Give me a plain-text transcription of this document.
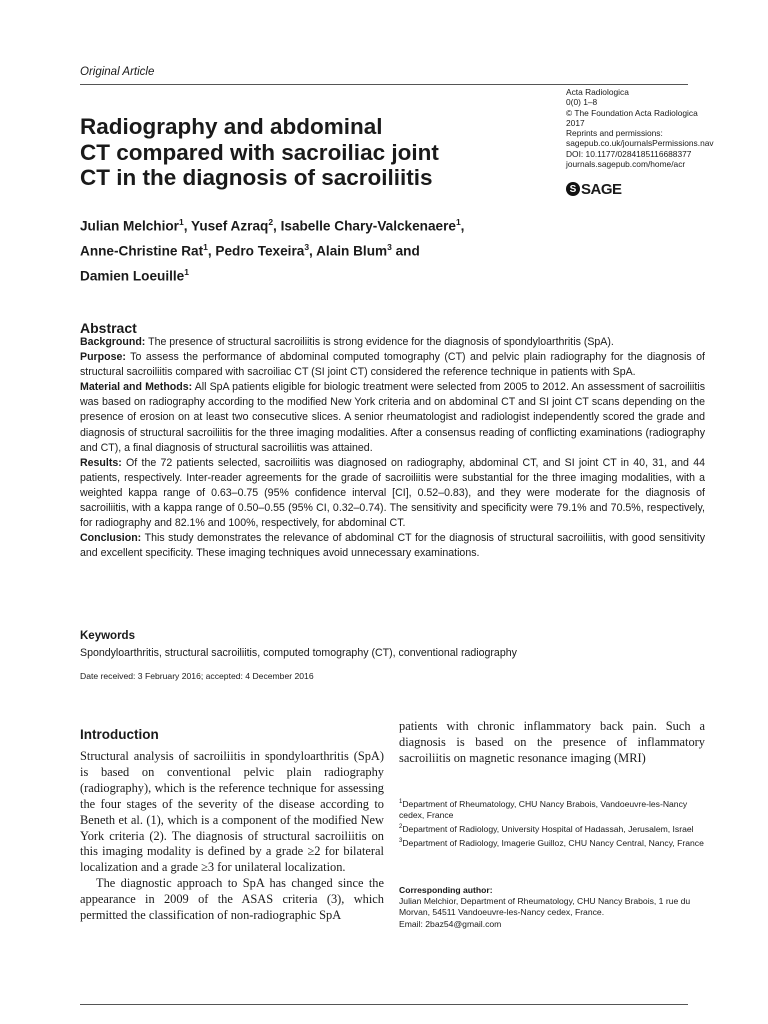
Original Article
Radiography and abdominal
CT compared with sacroiliac joint
CT in the diagnosis of sacroiliitis
Acta Radiologica
0(0) 1–8
© The Foundation Acta Radiologica
2017
Reprints and permissions:
sagepub.co.uk/journalsPermissions.nav
DOI: 10.1177/0284185116688377
journals.sagepub.com/home/acr
S SAGE
Julian Melchior$^1$, Yusef Azraq$^2$, Isabelle Chary-Valckenaere$^1$,
Anne-Christine Rat$^1$, Pedro Texeira$^3$, Alain Blum$^3$ and
Damien Loeuille$^1$
Abstract

Background: The presence of structural sacroiliitis is strong evidence for the diagnosis of spondyloarthritis (SpA).

Purpose: To assess the performance of abdominal computed tomography (CT) and pelvic plain radiography for the diagnosis of structural sacroiliitis compared with sacroiliac CT (SI joint CT) considered the reference technique in patients with SpA.

Material and Methods: All SpA patients eligible for biologic treatment were selected from 2005 to 2012. An assessment of sacroiliitis was based on radiography according to the modified New York criteria and on abdominal CT and SI joint CT scans depending on the presence of erosion on at least two consecutive slices. A senior rheumatologist and radiologist independently scored the grade and diagnosis of structural sacroiliitis for the three imaging modalities. After a consensus reading of conflicting examinations (radiography and CT), a final diagnosis of structural sacroiliitis was attained.

Results: Of the 72 patients selected, sacroiliitis was diagnosed on radiography, abdominal CT, and SI joint CT in 40, 31, and 44 patients, respectively. Inter-reader agreements for the grade of sacroiliitis were substantial for the three imaging modalities, with a weighted kappa range of 0.63–0.75 (95% confidence interval [CI], 0.52–0.83), and they were moderate for the diagnosis of sacroiliitis, with a kappa range of 0.50–0.55 (95% CI, 0.32–0.74). The sensitivity and specificity were 79.1% and 70.5%, respectively, for radiography and 82.1% and 100%, respectively, for abdominal CT.

Conclusion: This study demonstrates the relevance of abdominal CT for the diagnosis of structural sacroiliitis, with good sensitivity and excellent specificity. These imaging techniques avoid unnecessary examinations.

Keywords
Spondyloarthritis, structural sacroiliitis, computed tomography (CT), conventional radiography
Date received: 3 February 2016; accepted: 4 December 2016
Introduction

Structural analysis of sacroiliitis in spondyloarthritis (SpA) is based on conventional pelvic plain radiography (radiography), which is the reference technique for assessing the four stages of the severity of the disease according to Beneth et al. (1), which is a component of the modified New York criteria (2). The diagnosis of structural sacroiliitis on this imaging modality is defined by a grade ≥2 for bilateral localization and a grade ≥3 for unilateral localization.

The diagnostic approach to SpA has changed since the appearance in 2009 of the ASAS criteria (3), which permitted the classification of non-radiographic SpA

patients with chronic inflammatory back pain. Such a diagnosis is based on the presence of inflammatory sacroiliitis on magnetic resonance imaging (MRI)

$^1$Department of Rheumatology, CHU Nancy Brabois, Vandoeuvre-les-Nancy cedex, France
$^2$Department of Radiology, University Hospital of Hadassah, Jerusalem, Israel
$^3$Department of Radiology, Imagerie Guilloz, CHU Nancy Central, Nancy, France
Corresponding author:
Julian Melchior, Department of Rheumatology, CHU Nancy Brabois, 1 rue du Morvan, 54511 Vandoeuvre-les-Nancy cedex, France.
Email: 2baz54@gmail.com
